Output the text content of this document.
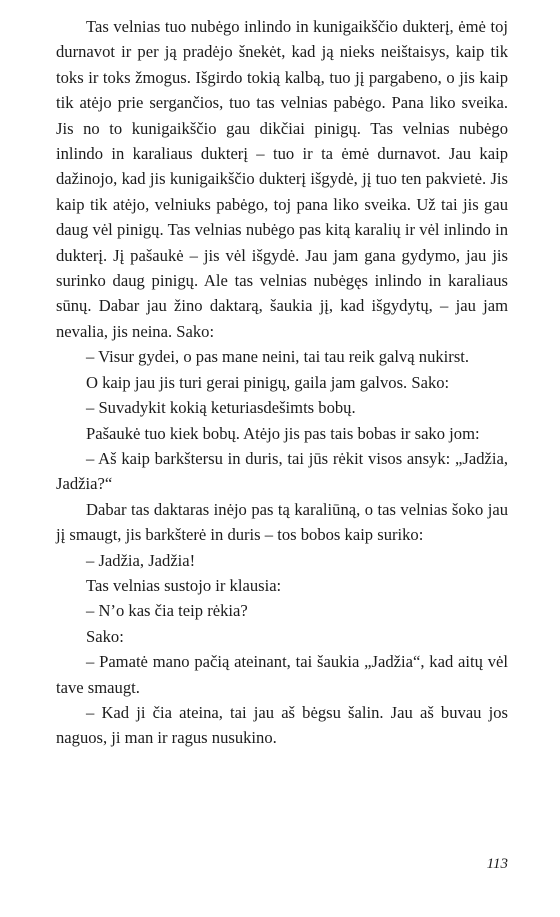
Tas velnias tuo nubėgo inlindo in kunigaikščio dukterį, ėmė toj durnavot ir per ją pradėjo šnekėt, kad ją nieks neištaisys, kaip tik toks ir toks žmogus. Išgirdo tokią kalbą, tuo jį pargabeno, o jis kaip tik atėjo prie sergančios, tuo tas velnias pabėgo. Pana liko sveika. Jis no to kunigaikščio gau dikčiai pinigų. Tas velnias nubėgo inlindo in karaliaus dukterį – tuo ir ta ėmė durnavot. Jau kaip dažinojo, kad jis kunigaikščio dukterį išgydė, jį tuo ten pakvietė. Jis kaip tik atėjo, velniuks pabėgo, toj pana liko sveika. Už tai jis gau daug vėl pinigų. Tas velnias nubėgo pas kitą karalių ir vėl inlindo in dukterį. Jį pašaukė – jis vėl išgydė. Jau jam gana gydymo, jau jis surinko daug pinigų. Ale tas velnias nubėgęs inlindo in karaliaus sūnų. Dabar jau žino daktarą, šaukia jį, kad išgydytų, – jau jam nevalia, jis neina. Sako:

– Visur gydei, o pas mane neini, tai tau reik galvą nukirst.

O kaip jau jis turi gerai pinigų, gaila jam galvos. Sako:

– Suvadykit kokią keturiasdešimts bobų.

Pašaukė tuo kiek bobų. Atėjo jis pas tais bobas ir sako jom:

– Aš kaip barkštersu in duris, tai jūs rėkit visos ansyk: „Jadžia, Jadžia?“

Dabar tas daktaras inėjo pas tą karaliūną, o tas velnias šoko jau jį smaugt, jis barkšterė in duris – tos bobos kaip suriko:

– Jadžia, Jadžia!

Tas velnias sustojo ir klausia:

– N’o kas čia teip rėkia?

Sako:

– Pamatė mano pačią ateinant, tai šaukia „Jadžia“, kad aitų vėl tave smaugt.

– Kad ji čia ateina, tai jau aš bėgsu šalin. Jau aš buvau jos naguos, ji man ir ragus nusukino.

113
